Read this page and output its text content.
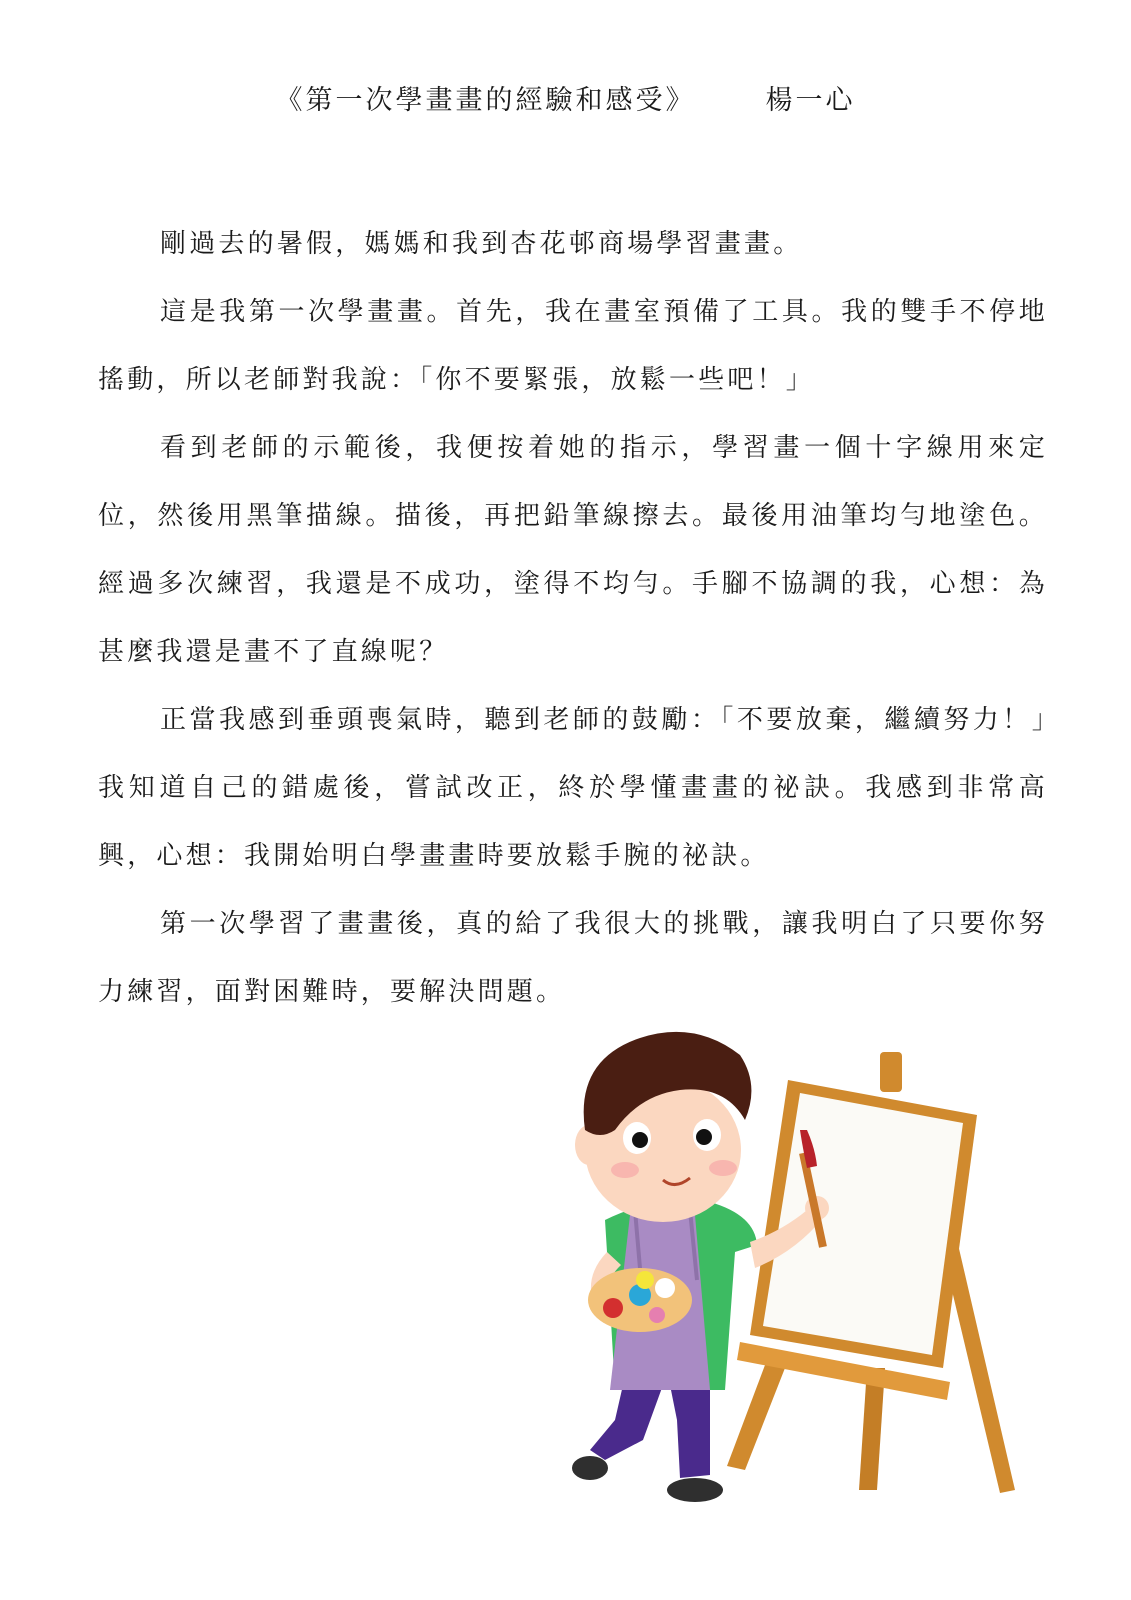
《第一次學畫畫的經驗和感受》	楊一心

剛過去的暑假，媽媽和我到杏花邨商場學習畫畫。

這是我第一次學畫畫。首先，我在畫室預備了工具。我的雙手不停地搖動，所以老師對我說：「你不要緊張，放鬆一些吧！」

看到老師的示範後，我便按着她的指示，學習畫一個十字線用來定位，然後用黑筆描線。描後，再把鉛筆線擦去。最後用油筆均勻地塗色。經過多次練習，我還是不成功，塗得不均勻。手腳不協調的我，心想：為甚麼我還是畫不了直線呢？

正當我感到垂頭喪氣時，聽到老師的鼓勵：「不要放棄，繼續努力！」我知道自己的錯處後，嘗試改正，終於學懂畫畫的祕訣。我感到非常高興，心想：我開始明白學畫畫時要放鬆手腕的祕訣。

第一次學習了畫畫後，真的給了我很大的挑戰，讓我明白了只要你努力練習，面對困難時，要解決問題。
